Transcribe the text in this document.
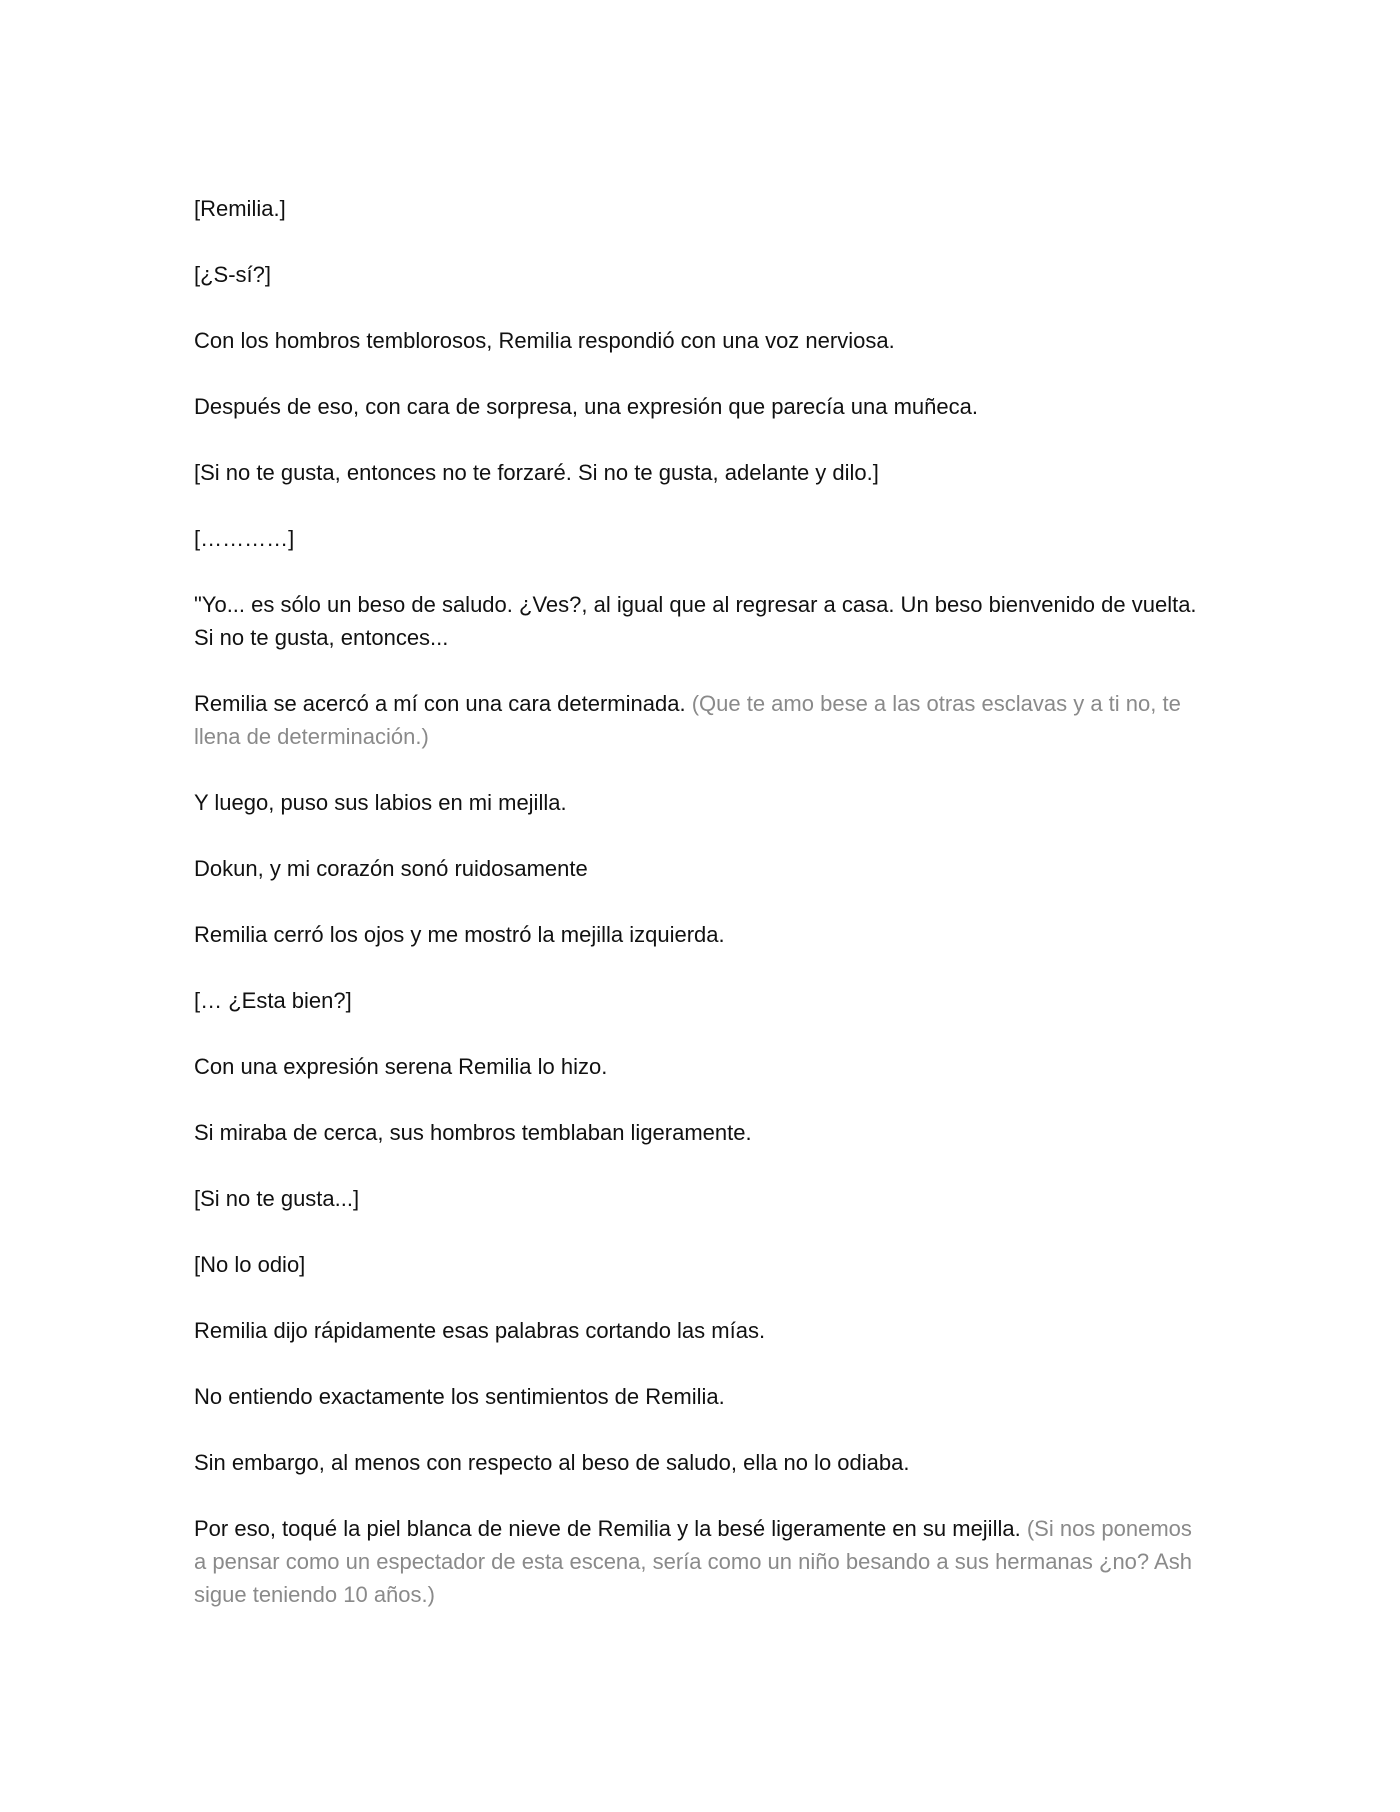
[Remilia.]

[¿S-sí?]

Con los hombros temblorosos, Remilia respondió con una voz nerviosa.

Después de eso, con cara de sorpresa, una expresión que parecía una muñeca.

[Si no te gusta, entonces no te forzaré. Si no te gusta, adelante y dilo.]

[…………]

"Yo... es sólo un beso de saludo. ¿Ves?, al igual que al regresar a casa. Un beso bienvenido de vuelta. Si no te gusta, entonces...

Remilia se acercó a mí con una cara determinada. (Que te amo bese a las otras esclavas y a ti no, te llena de determinación.)

Y luego, puso sus labios en mi mejilla.

Dokun, y mi corazón sonó ruidosamente

Remilia cerró los ojos y me mostró la mejilla izquierda.

[… ¿Esta bien?]

Con una expresión serena Remilia lo hizo.

Si miraba de cerca, sus hombros temblaban ligeramente.

[Si no te gusta...]

[No lo odio]

Remilia dijo rápidamente esas palabras cortando las mías.

No entiendo exactamente los sentimientos de Remilia.

Sin embargo, al menos con respecto al beso de saludo, ella no lo odiaba.

Por eso, toqué la piel blanca de nieve de Remilia y la besé ligeramente en su mejilla. (Si nos ponemos a pensar como un espectador de esta escena, sería como un niño besando a sus hermanas ¿no? Ash sigue teniendo 10 años.)
